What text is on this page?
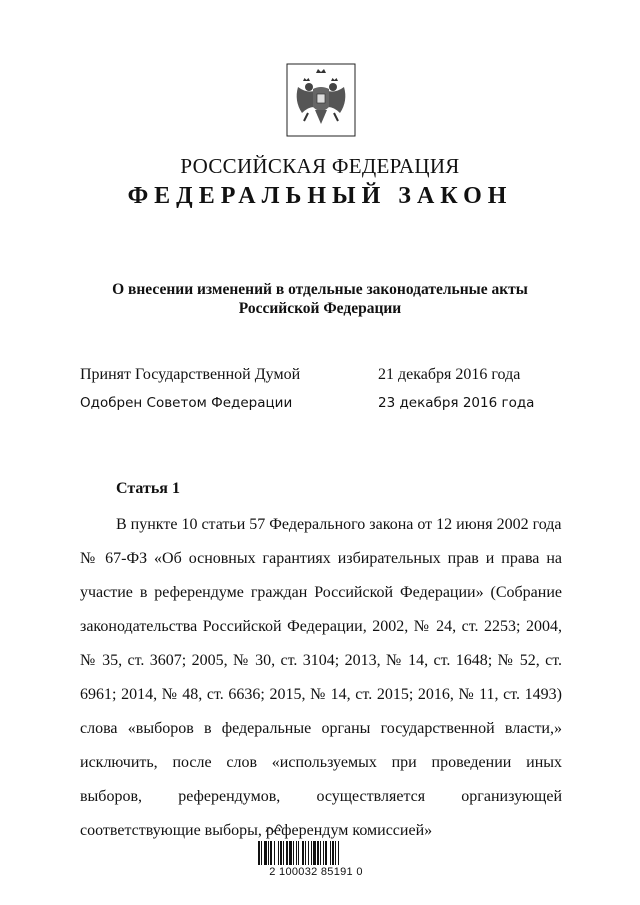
РОССИЙСКАЯ ФЕДЕРАЦИЯ
ФЕДЕРАЛЬНЫЙ ЗАКОН
О внесении изменений в отдельные законодательные акты
Российской Федерации
Принят Государственной Думой	21 декабря 2016 года
Одобрен Советом Федерации	23 декабря 2016 года
Статья 1
В пункте 10 статьи 57 Федерального закона от 12 июня 2002 года
№ 67-ФЗ «Об основных гарантиях избирательных прав и права на участие в референдуме граждан Российской Федерации» (Собрание законодательства Российской Федерации, 2002, № 24, ст. 2253; 2004, № 35, ст. 3607; 2005, № 30, ст. 3104; 2013, № 14, ст. 1648; № 52, ст. 6961; 2014, № 48, ст. 6636; 2015, № 14, ст. 2015; 2016, № 11, ст. 1493) слова «выборов в федеральные органы государственной власти,» исключить, после слов «используемых при проведении иных выборов, референдумов, осуществляется организующей соответствующие выборы, референдум комиссией»
2 100032 85191 0
